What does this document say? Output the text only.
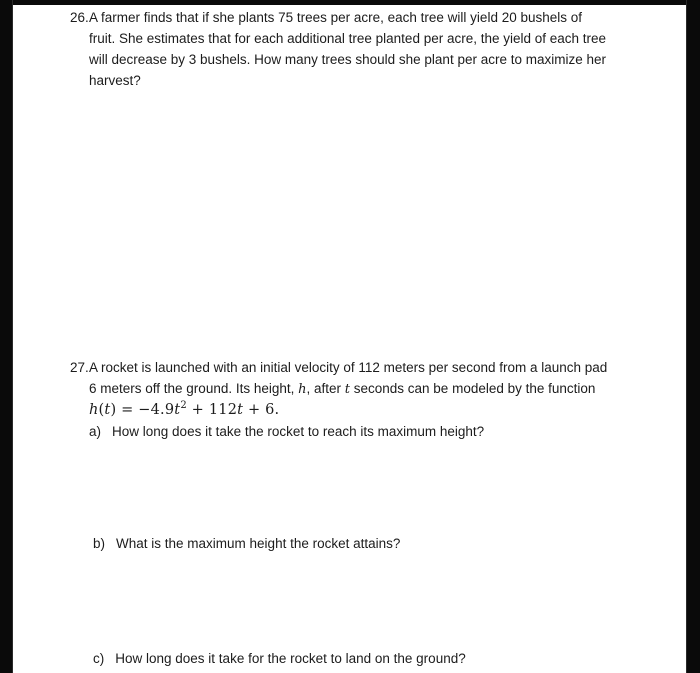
26. A farmer finds that if she plants 75 trees per acre, each tree will yield 20 bushels of
fruit. She estimates that for each additional tree planted per acre, the yield of each tree
will decrease by 3 bushels. How many trees should she plant per acre to maximize her
harvest?
27. A rocket is launched with an initial velocity of 112 meters per second from a launch pad
6 meters off the ground. Its height, h, after t seconds can be modeled by the function
$h(t) = -4.9t^2 + 112t + 6$.
a) How long does it take the rocket to reach its maximum height?
b) What is the maximum height the rocket attains?
c) How long does it take for the rocket to land on the ground?
